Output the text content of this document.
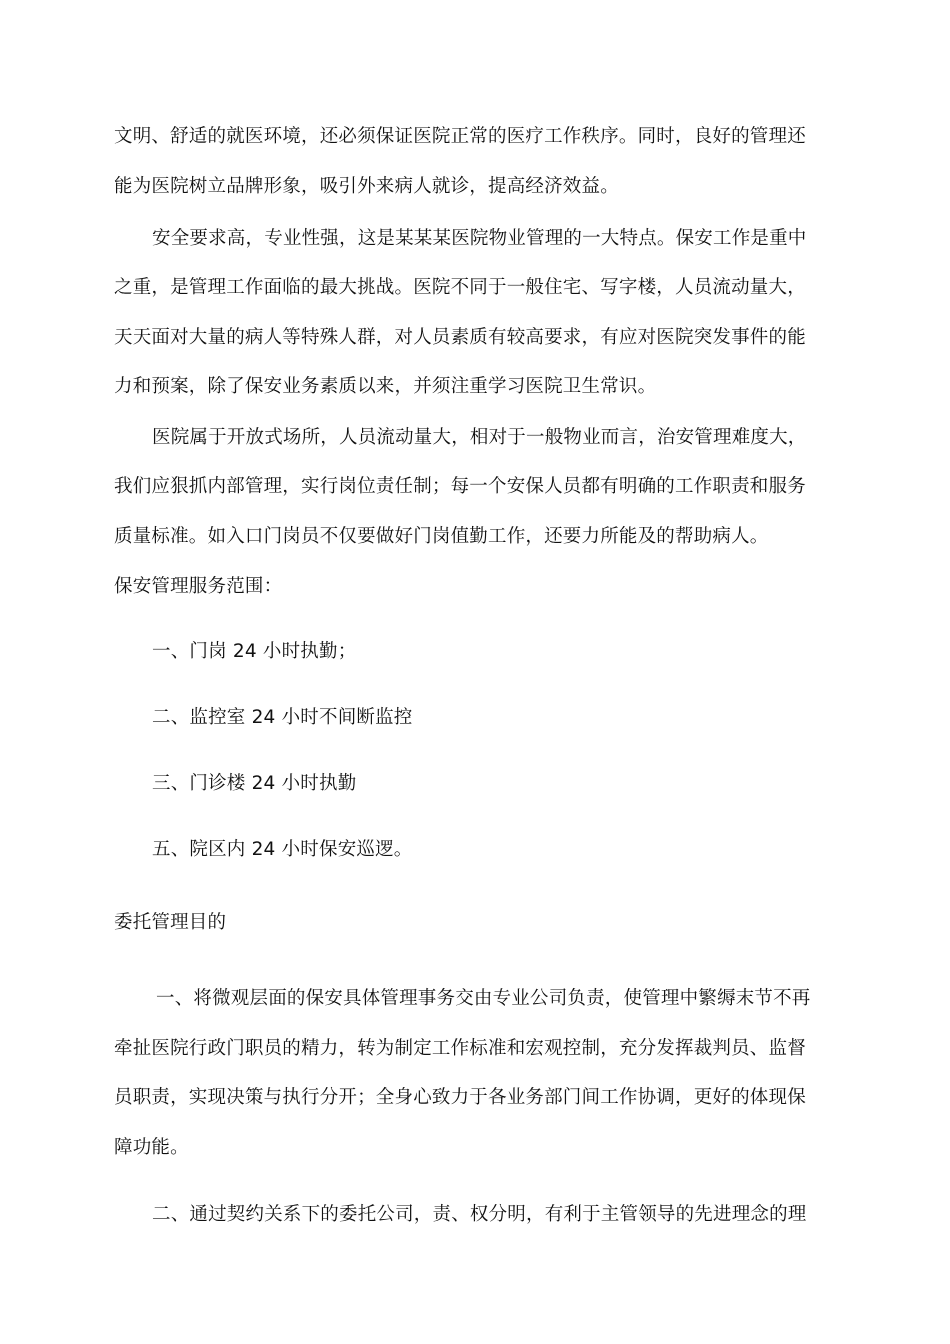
文明、舒适的就医环境，还必须保证医院正常的医疗工作秩序。同时，良好的管理还
能为医院树立品牌形象，吸引外来病人就诊，提高经济效益。
安全要求高，专业性强，这是某某某医院物业管理的一大特点。保安工作是重中
之重，是管理工作面临的最大挑战。医院不同于一般住宅、写字楼，人员流动量大，
天天面对大量的病人等特殊人群，对人员素质有较高要求，有应对医院突发事件的能
力和预案，除了保安业务素质以来，并须注重学习医院卫生常识。
医院属于开放式场所，人员流动量大，相对于一般物业而言，治安管理难度大，
我们应狠抓内部管理，实行岗位责任制；每一个安保人员都有明确的工作职责和服务
质量标准。如入口门岗员不仅要做好门岗值勤工作，还要力所能及的帮助病人。
保安管理服务范围：
一、门岗 24 小时执勤；
二、监控室 24 小时不间断监控
三、门诊楼 24 小时执勤
五、院区内 24 小时保安巡逻。
委托管理目的
一、将微观层面的保安具体管理事务交由专业公司负责，使管理中繁缛末节不再
牵扯医院行政门职员的精力，转为制定工作标准和宏观控制，充分发挥裁判员、监督
员职责，实现决策与执行分开；全身心致力于各业务部门间工作协调，更好的体现保
障功能。
二、通过契约关系下的委托公司，责、权分明，有利于主管领导的先进理念的理
